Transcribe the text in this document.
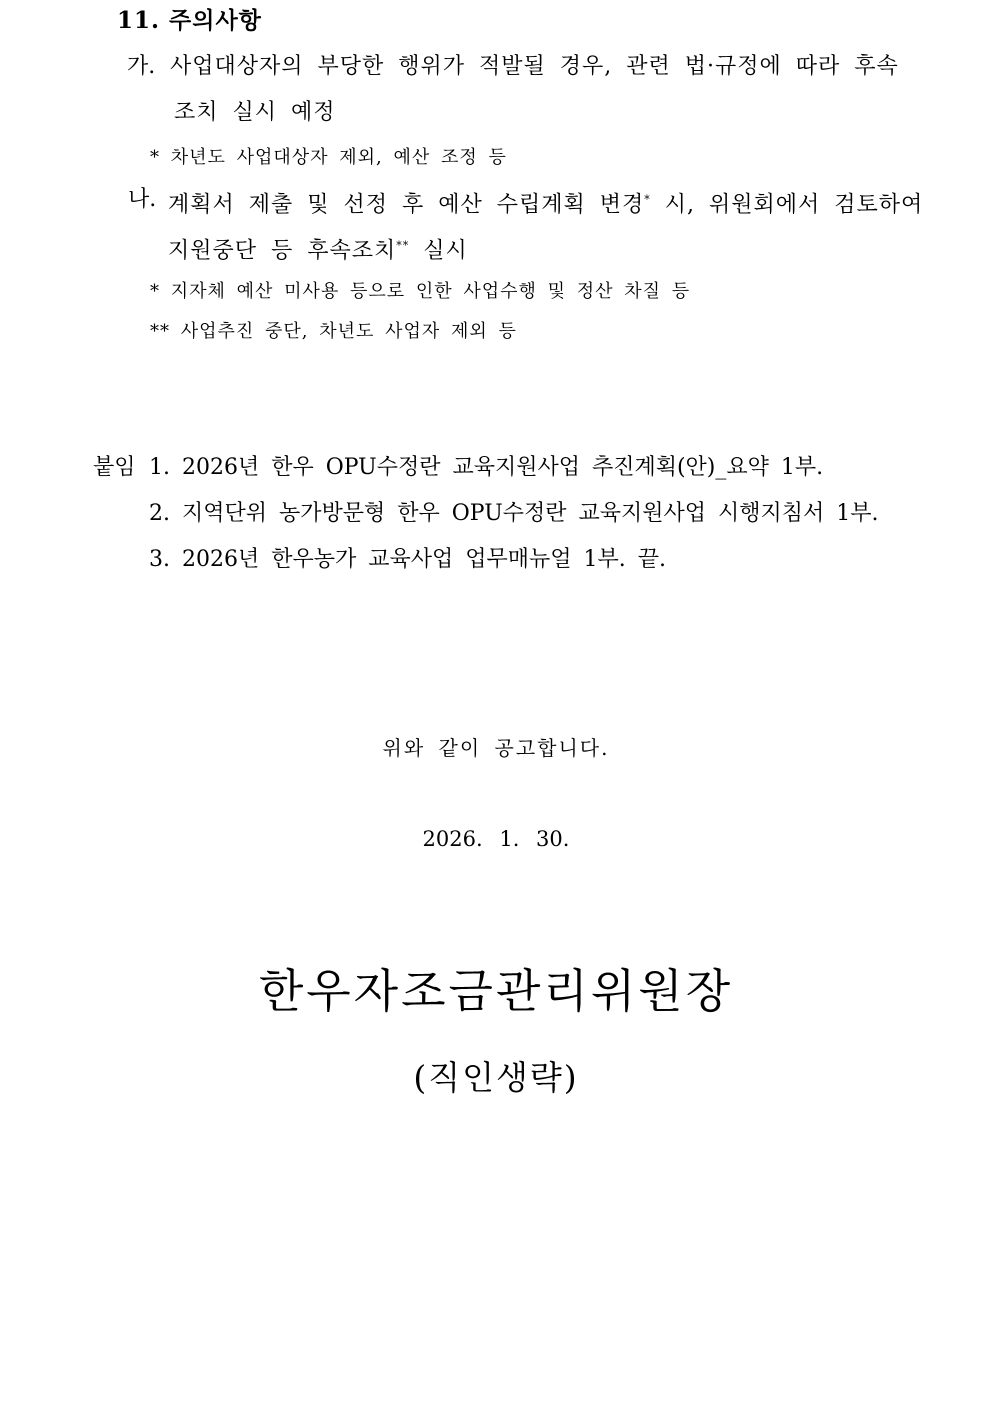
11. 주의사항
가. 사업대상자의 부당한 행위가 적발될 경우, 관련 법·규정에 따라 후속
조치 실시 예정
* 차년도 사업대상자 제외, 예산 조정 등
나. 계획서 제출 및 선정 후 예산 수립계획 변경* 시, 위원회에서 검토하여
지원중단 등 후속조치** 실시
* 지자체 예산 미사용 등으로 인한 사업수행 및 정산 차질 등
** 사업추진 중단, 차년도 사업자 제외 등
붙임 1. 2026년 한우 OPU수정란 교육지원사업 추진계획(안)_요약 1부.
2. 지역단위 농가방문형 한우 OPU수정란 교육지원사업 시행지침서 1부.
3. 2026년 한우농가 교육사업 업무매뉴얼 1부. 끝.
위와 같이 공고합니다.
2026. 1. 30.
한우자조금관리위원장
(직인생략)
